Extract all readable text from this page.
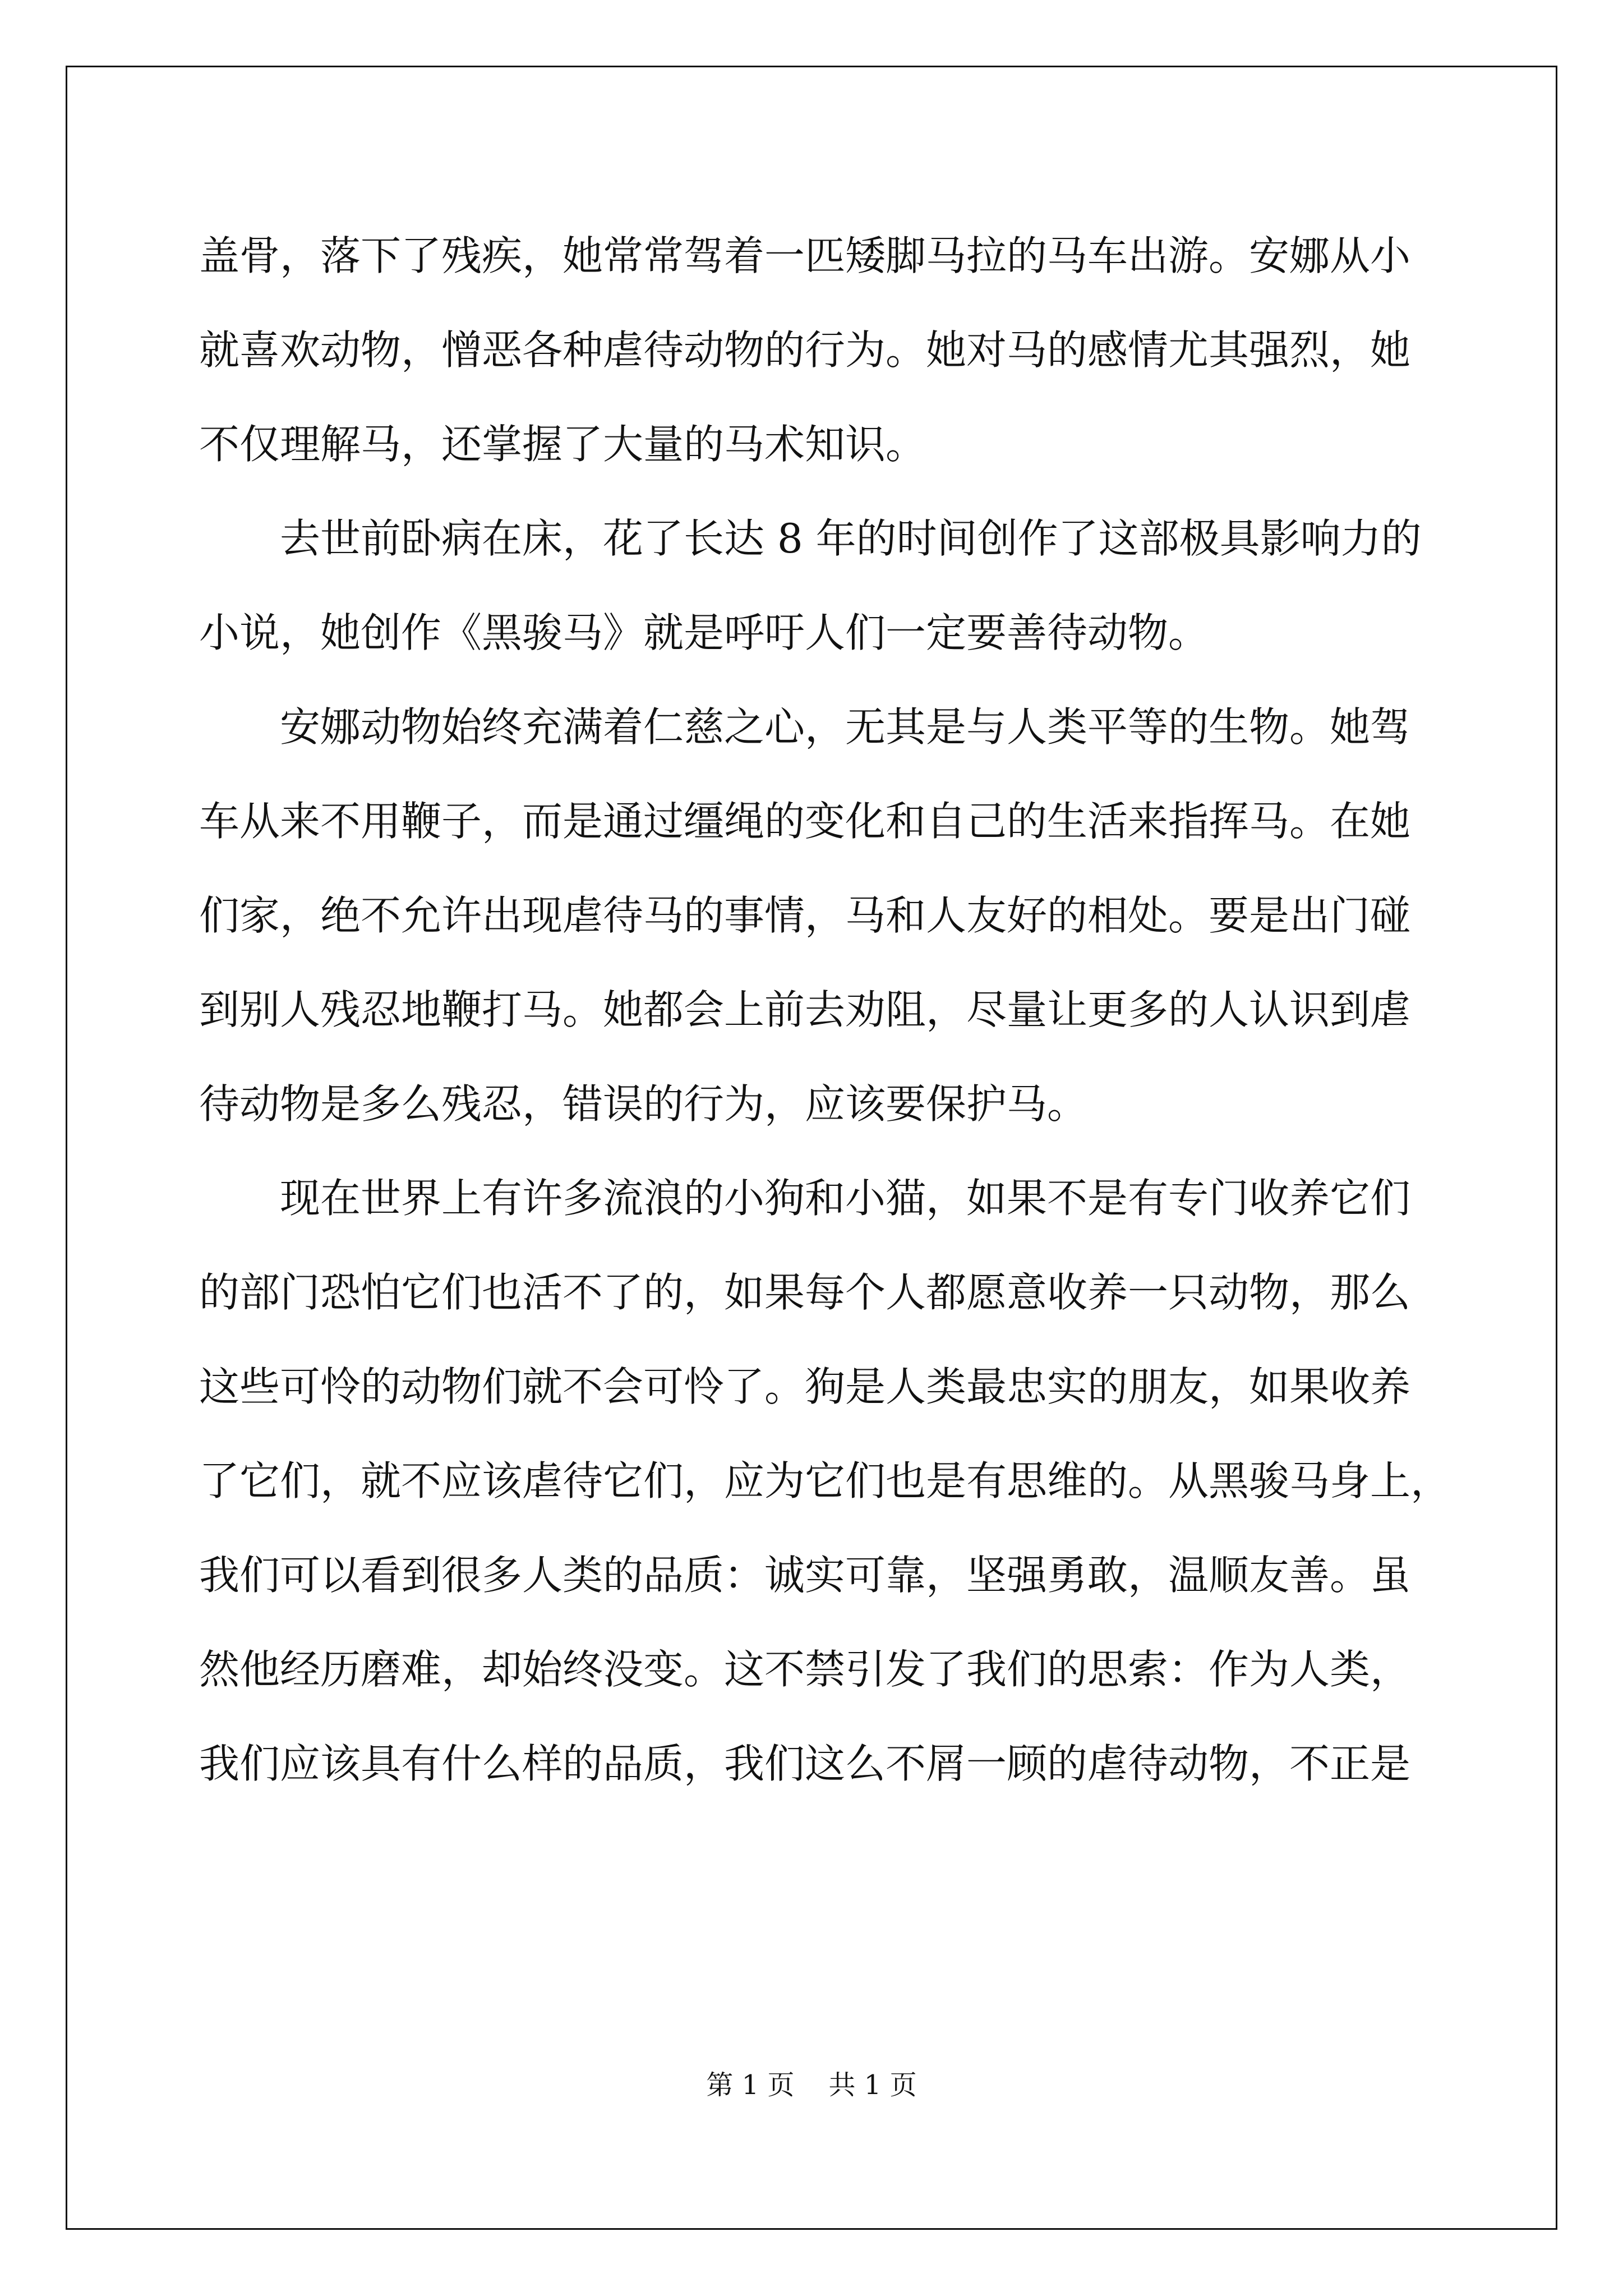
盖骨，落下了残疾，她常常驾着一匹矮脚马拉的马车出游。安娜从小
就喜欢动物，憎恶各种虐待动物的行为。她对马的感情尤其强烈，她
不仅理解马，还掌握了大量的马术知识。
去世前卧病在床，花了长达 8 年的时间创作了这部极具影响力的
小说，她创作《黑骏马》就是呼吁人们一定要善待动物。
安娜动物始终充满着仁慈之心，无其是与人类平等的生物。她驾
车从来不用鞭子，而是通过缰绳的变化和自己的生活来指挥马。在她
们家，绝不允许出现虐待马的事情，马和人友好的相处。要是出门碰
到别人残忍地鞭打马。她都会上前去劝阻，尽量让更多的人认识到虐
待动物是多么残忍，错误的行为，应该要保护马。
现在世界上有许多流浪的小狗和小猫，如果不是有专门收养它们
的部门恐怕它们也活不了的，如果每个人都愿意收养一只动物，那么
这些可怜的动物们就不会可怜了。狗是人类最忠实的朋友，如果收养
了它们，就不应该虐待它们，应为它们也是有思维的。从黑骏马身上，
我们可以看到很多人类的品质：诚实可靠，坚强勇敢，温顺友善。虽
然他经历磨难，却始终没变。这不禁引发了我们的思索：作为人类，
我们应该具有什么样的品质，我们这么不屑一顾的虐待动物，不正是
第 1 页    共 1 页
